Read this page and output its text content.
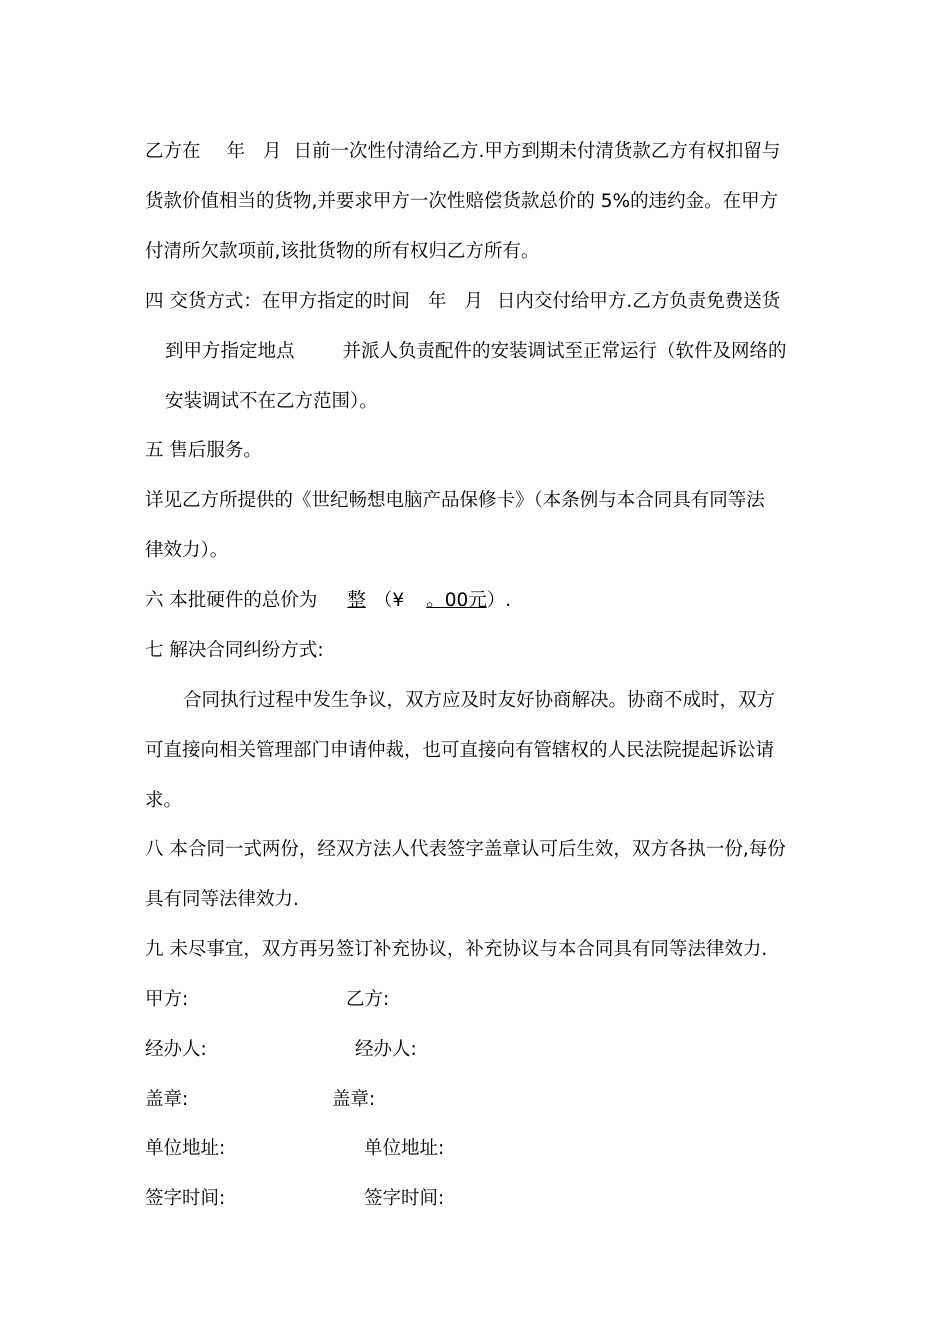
乙方在 年 月 日前一次性付清给乙方.甲方到期未付清货款乙方有权扣留与
货款价值相当的货物,并要求甲方一次性赔偿货款总价的 5%的违约金。在甲方
付清所欠款项前,该批货物的所有权归乙方所有。
四 交货方式：在甲方指定的时间 年 月 日内交付给甲方.乙方负责免费送货
到甲方指定地点	并派人负责配件的安装调试至正常运行（软件及网络的
安装调试不在乙方范围）。
五 售后服务。
详见乙方所提供的《世纪畅想电脑产品保修卡》（本条例与本合同具有同等法
律效力）。
六 本批硬件的总价为 整 （¥ 。00元）.
七 解决合同纠纷方式:
合同执行过程中发生争议，双方应及时友好协商解决。协商不成时，双方
可直接向相关管理部门申请仲裁，也可直接向有管辖权的人民法院提起诉讼请
求。
八 本合同一式两份，经双方法人代表签字盖章认可后生效，双方各执一份,每份
具有同等法律效力.
九 未尽事宜，双方再另签订补充协议，补充协议与本合同具有同等法律效力.
甲方:	乙方:
经办人:	经办人:
盖章:	盖章:
单位地址:	单位地址:
签字时间:	签字时间:
